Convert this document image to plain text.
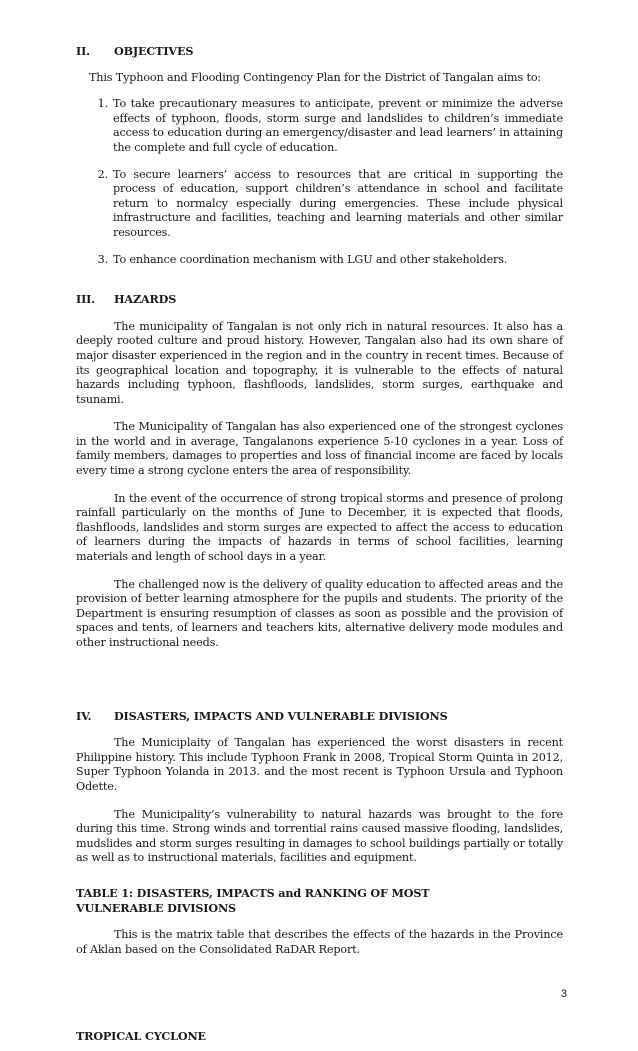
II.	OBJECTIVES
This Typhoon and Flooding Contingency Plan for the District of Tangalan aims to:
1. To take precautionary measures to anticipate, prevent or minimize the adverse effects of typhoon, floods, storm surge and landslides to children’s immediate access to education during an emergency/disaster and lead learners’ in attaining the complete and full cycle of education.
2. To secure learners’ access to resources that are critical in supporting the process of education, support children’s attendance in school and facilitate return to normalcy especially during emergencies. These include physical infrastructure and facilities, teaching and learning materials and other similar resources.
3. To enhance coordination mechanism with LGU and other stakeholders.
III.	HAZARDS

The municipality of Tangalan is not only rich in natural resources. It also has a deeply rooted culture and proud history. However, Tangalan also had its own share of major disaster experienced in the region and in the country in recent times. Because of its geographical location and topography, it is vulnerable to the effects of natural hazards including typhoon, flashfloods, landslides, storm surges, earthquake and tsunami.

The Municipality of Tangalan has also experienced one of the strongest cyclones in the world and in average, Tangalanons experience 5-10 cyclones in a year. Loss of family members, damages to properties and loss of financial income are faced by locals every time a strong cyclone enters the area of responsibility.

In the event of the occurrence of strong tropical storms and presence of prolong rainfall particularly on the months of June to December, it is expected that floods, flashfloods, landslides and storm surges are expected to affect the access to education of learners during the impacts of hazards in terms of school facilities, learning materials and length of school days in a year.

The challenged now is the delivery of quality education to affected areas and the provision of better learning atmosphere for the pupils and students. The priority of the Department is ensuring resumption of classes as soon as possible and the provision of spaces and tents, of learners and teachers kits, alternative delivery mode modules and other instructional needs.

IV.	DISASTERS, IMPACTS AND VULNERABLE DIVISIONS

The Municiplaity of Tangalan has experienced the worst disasters in recent Philippine history. This include Typhoon Frank in 2008, Tropical Storm Quinta in 2012, Super Typhoon Yolanda in 2013. and the most recent is Typhoon Ursula and Typhoon Odette.

The Municipality’s vulnerability to natural hazards was brought to the fore during this time. Strong winds and torrential rains caused massive flooding, landslides, mudslides and storm surges resulting in damages to school buildings partially or totally as well as to instructional materials, facilities and equipment.

TABLE 1: DISASTERS, IMPACTS and RANKING OF MOST VULNERABLE DIVISIONS

This is the matrix table that describes the effects of the hazards in the Province of Aklan based on the Consolidated RaDAR Report.

TROPICAL CYCLONE
3
